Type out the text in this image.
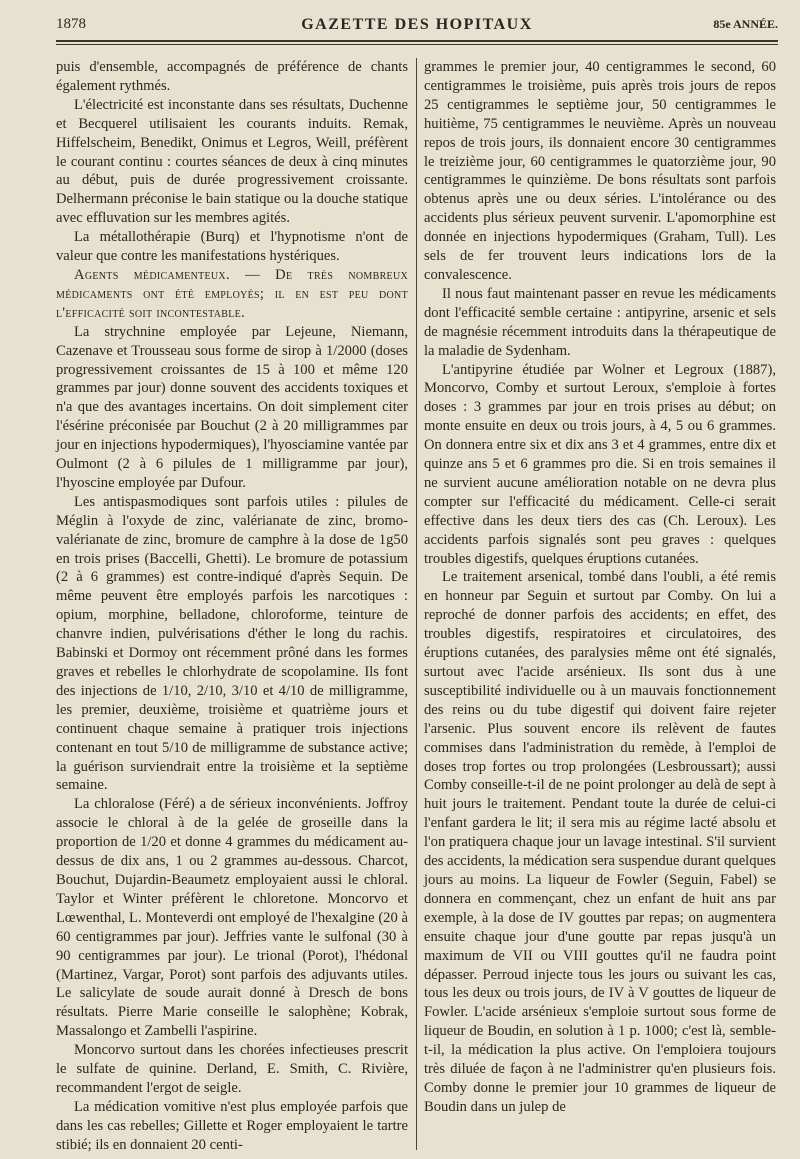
1878	GAZETTE DES HOPITAUX	85e ANNÉE.

puis d'ensemble, accompagnés de préférence de chants également rythmés.

L'électricité est inconstante dans ses résultats, Duchenne et Becquerel utilisaient les courants induits. Remak, Hiffelscheim, Benedikt, Onimus et Legros, Weill, préfèrent le courant continu : courtes séances de deux à cinq minutes au début, puis de durée progressivement croissante. Delhermann préconise le bain statique ou la douche statique avec effluvation sur les membres agités.

La métallothérapie (Burq) et l'hypnotisme n'ont de valeur que contre les manifestations hystériques.

Agents médicamenteux. — De très nombreux médicaments ont été employés; il en est peu dont l'efficacité soit incontestable.

La strychnine employée par Lejeune, Niemann, Cazenave et Trousseau sous forme de sirop à 1/2000 (doses progressivement croissantes de 15 à 100 et même 120 grammes par jour) donne souvent des accidents toxiques et n'a que des avantages incertains. On doit simplement citer l'ésérine préconisée par Bouchut (2 à 20 milligrammes par jour en injections hypodermiques), l'hyosciamine vantée par Oulmont (2 à 6 pilules de 1 milligramme par jour), l'hyoscine employée par Dufour.

Les antispasmodiques sont parfois utiles : pilules de Méglin à l'oxyde de zinc, valérianate de zinc, bromo-valérianate de zinc, bromure de camphre à la dose de 1g50 en trois prises (Baccelli, Ghetti). Le bromure de potassium (2 à 6 grammes) est contre-indiqué d'après Sequin. De même peuvent être employés parfois les narcotiques : opium, morphine, belladone, chloroforme, teinture de chanvre indien, pulvérisations d'éther le long du rachis. Babinski et Dormoy ont récemment prôné dans les formes graves et rebelles le chlorhydrate de scopolamine. Ils font des injections de 1/10, 2/10, 3/10 et 4/10 de milligramme, les premier, deuxième, troisième et quatrième jours et continuent chaque semaine à pratiquer trois injections contenant en tout 5/10 de milligramme de substance active; la guérison surviendrait entre la troisième et la septième semaine.

La chloralose (Féré) a de sérieux inconvénients. Joffroy associe le chloral à de la gelée de groseille dans la proportion de 1/20 et donne 4 grammes du médicament au-dessus de dix ans, 1 ou 2 grammes au-dessous. Charcot, Bouchut, Dujardin-Beaumetz employaient aussi le chloral. Taylor et Winter préfèrent le chloretone. Moncorvo et Lœwenthal, L. Monteverdi ont employé de l'hexalgine (20 à 60 centigrammes par jour). Jeffries vante le sulfonal (30 à 90 centigrammes par jour). Le trional (Porot), l'hédonal (Martinez, Vargar, Porot) sont parfois des adjuvants utiles. Le salicylate de soude aurait donné à Dresch de bons résultats. Pierre Marie conseille le salophène; Kobrak, Massalongo et Zambelli l'aspirine.

Moncorvo surtout dans les chorées infectieuses prescrit le sulfate de quinine. Derland, E. Smith, C. Rivière, recommandent l'ergot de seigle.

La médication vomitive n'est plus employée parfois que dans les cas rebelles; Gillette et Roger employaient le tartre stibié; ils en donnaient 20 centi-

grammes le premier jour, 40 centigrammes le second, 60 centigrammes le troisième, puis après trois jours de repos 25 centigrammes le septième jour, 50 centigrammes le huitième, 75 centigrammes le neuvième. Après un nouveau repos de trois jours, ils donnaient encore 30 centigrammes le treizième jour, 60 centigrammes le quatorzième jour, 90 centigrammes le quinzième. De bons résultats sont parfois obtenus après une ou deux séries. L'intolérance ou des accidents plus sérieux peuvent survenir. L'apomorphine est donnée en injections hypodermiques (Graham, Tull). Les sels de fer trouvent leurs indications lors de la convalescence.

Il nous faut maintenant passer en revue les médicaments dont l'efficacité semble certaine : antipyrine, arsenic et sels de magnésie récemment introduits dans la thérapeutique de la maladie de Sydenham.

L'antipyrine étudiée par Wolner et Legroux (1887), Moncorvo, Comby et surtout Leroux, s'emploie à fortes doses : 3 grammes par jour en trois prises au début; on monte ensuite en deux ou trois jours, à 4, 5 ou 6 grammes. On donnera entre six et dix ans 3 et 4 grammes, entre dix et quinze ans 5 et 6 grammes pro die. Si en trois semaines il ne survient aucune amélioration notable on ne devra plus compter sur l'efficacité du médicament. Celle-ci serait effective dans les deux tiers des cas (Ch. Leroux). Les accidents parfois signalés sont peu graves : quelques troubles digestifs, quelques éruptions cutanées.

Le traitement arsenical, tombé dans l'oubli, a été remis en honneur par Seguin et surtout par Comby. On lui a reproché de donner parfois des accidents; en effet, des troubles digestifs, respiratoires et circulatoires, des éruptions cutanées, des paralysies même ont été signalés, surtout avec l'acide arsénieux. Ils sont dus à une susceptibilité individuelle ou à un mauvais fonctionnement des reins ou du tube digestif qui doivent faire rejeter l'arsenic. Plus souvent encore ils relèvent de fautes commises dans l'administration du remède, à l'emploi de doses trop fortes ou trop prolongées (Lesbroussart); aussi Comby conseille-t-il de ne point prolonger au delà de sept à huit jours le traitement. Pendant toute la durée de celui-ci l'enfant gardera le lit; il sera mis au régime lacté absolu et l'on pratiquera chaque jour un lavage intestinal. S'il survient des accidents, la médication sera suspendue durant quelques jours au moins. La liqueur de Fowler (Seguin, Fabel) se donnera en commençant, chez un enfant de huit ans par exemple, à la dose de IV gouttes par repas; on augmentera ensuite chaque jour d'une goutte par repas jusqu'à un maximum de VII ou VIII gouttes qu'il ne faudra point dépasser. Perroud injecte tous les jours ou suivant les cas, tous les deux ou trois jours, de IV à V gouttes de liqueur de Fowler. L'acide arsénieux s'emploie surtout sous forme de liqueur de Boudin, en solution à 1 p. 1000; c'est là, semble-t-il, la médication la plus active. On l'emploiera toujours très diluée de façon à ne l'administrer qu'en plusieurs fois. Comby donne le premier jour 10 grammes de liqueur de Boudin dans un julep de
